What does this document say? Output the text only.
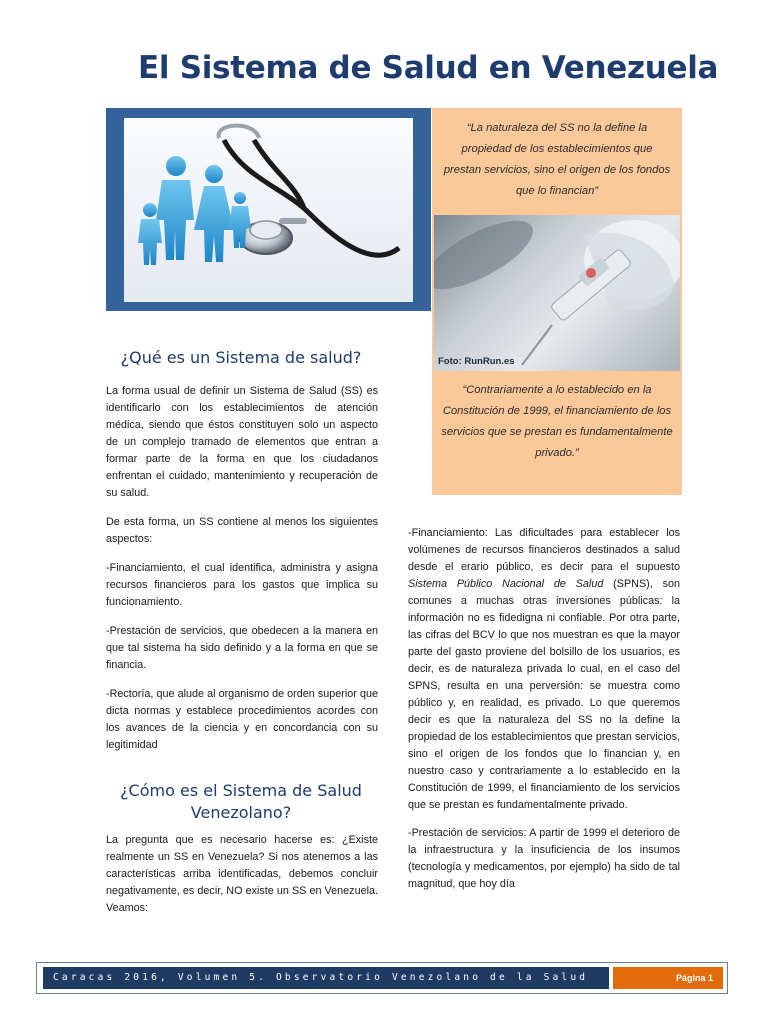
El Sistema de Salud en Venezuela
“La naturaleza del SS no la define la propiedad de los establecimientos que prestan servicios, sino el origen de los fondos que lo financian”
Foto: RunRun.es
“Contrariamente a lo establecido en la Constitución de 1999, el financiamiento de los servicios que se prestan es fundamentalmente privado.”
¿Qué es un Sistema de salud?

La forma usual de definir un Sistema de Salud (SS) es identificarlo con los establecimientos de atención médica, siendo que éstos constituyen solo un aspecto de un complejo tramado de elementos que entran a formar parte de la forma en que los ciudadanos enfrentan el cuidado, mantenimiento y recuperación de su salud.

De esta forma, un SS contiene al menos los siguientes aspectos:

-Financiamiento, el cual identifica, administra y asigna recursos financieros para los gastos que implica su funcionamiento.

-Prestación de servicios, que obedecen a la manera en que tal sistema ha sido definido y a la forma en que se financia.

-Rectoría, que alude al organismo de orden superior que dicta normas y establece procedimientos acordes con los avances de la ciencia y en concordancia con su legitimidad

¿Cómo es el Sistema de Salud Venezolano?

La pregunta que es necesario hacerse es: ¿Existe realmente un SS en Venezuela? Si nos atenemos a las características arriba identificadas, debemos concluir negativamente, es decir, NO existe un SS en Venezuela. Veamos:

-Financiamiento: Las dificultades para establecer los volúmenes de recursos financieros destinados a salud desde el erario público, es decir para el supuesto Sistema Público Nacional de Salud (SPNS), son comunes a muchas otras inversiones públicas: la información no es fidedigna ni confiable. Por otra parte, las cifras del BCV lo que nos muestran es que la mayor parte del gasto proviene del bolsillo de los usuarios, es decir, es de naturaleza privada lo cual, en el caso del SPNS, resulta en una perversión: se muestra como público y, en realidad, es privado. Lo que queremos decir es que la naturaleza del SS no la define la propiedad de los establecimientos que prestan servicios, sino el origen de los fondos que lo financian y, en nuestro caso y contrariamente a lo establecido en la Constitución de 1999, el financiamiento de los servicios que se prestan es fundamentalmente privado.

-Prestación de servicios: A partir de 1999 el deterioro de la infraestructura y la insuficiencia de los insumos (tecnología y medicamentos, por ejemplo) ha sido de tal magnitud, que hoy día

Caracas 2016, Volumen 5. Observatorio Venezolano de la Salud	Página 1
